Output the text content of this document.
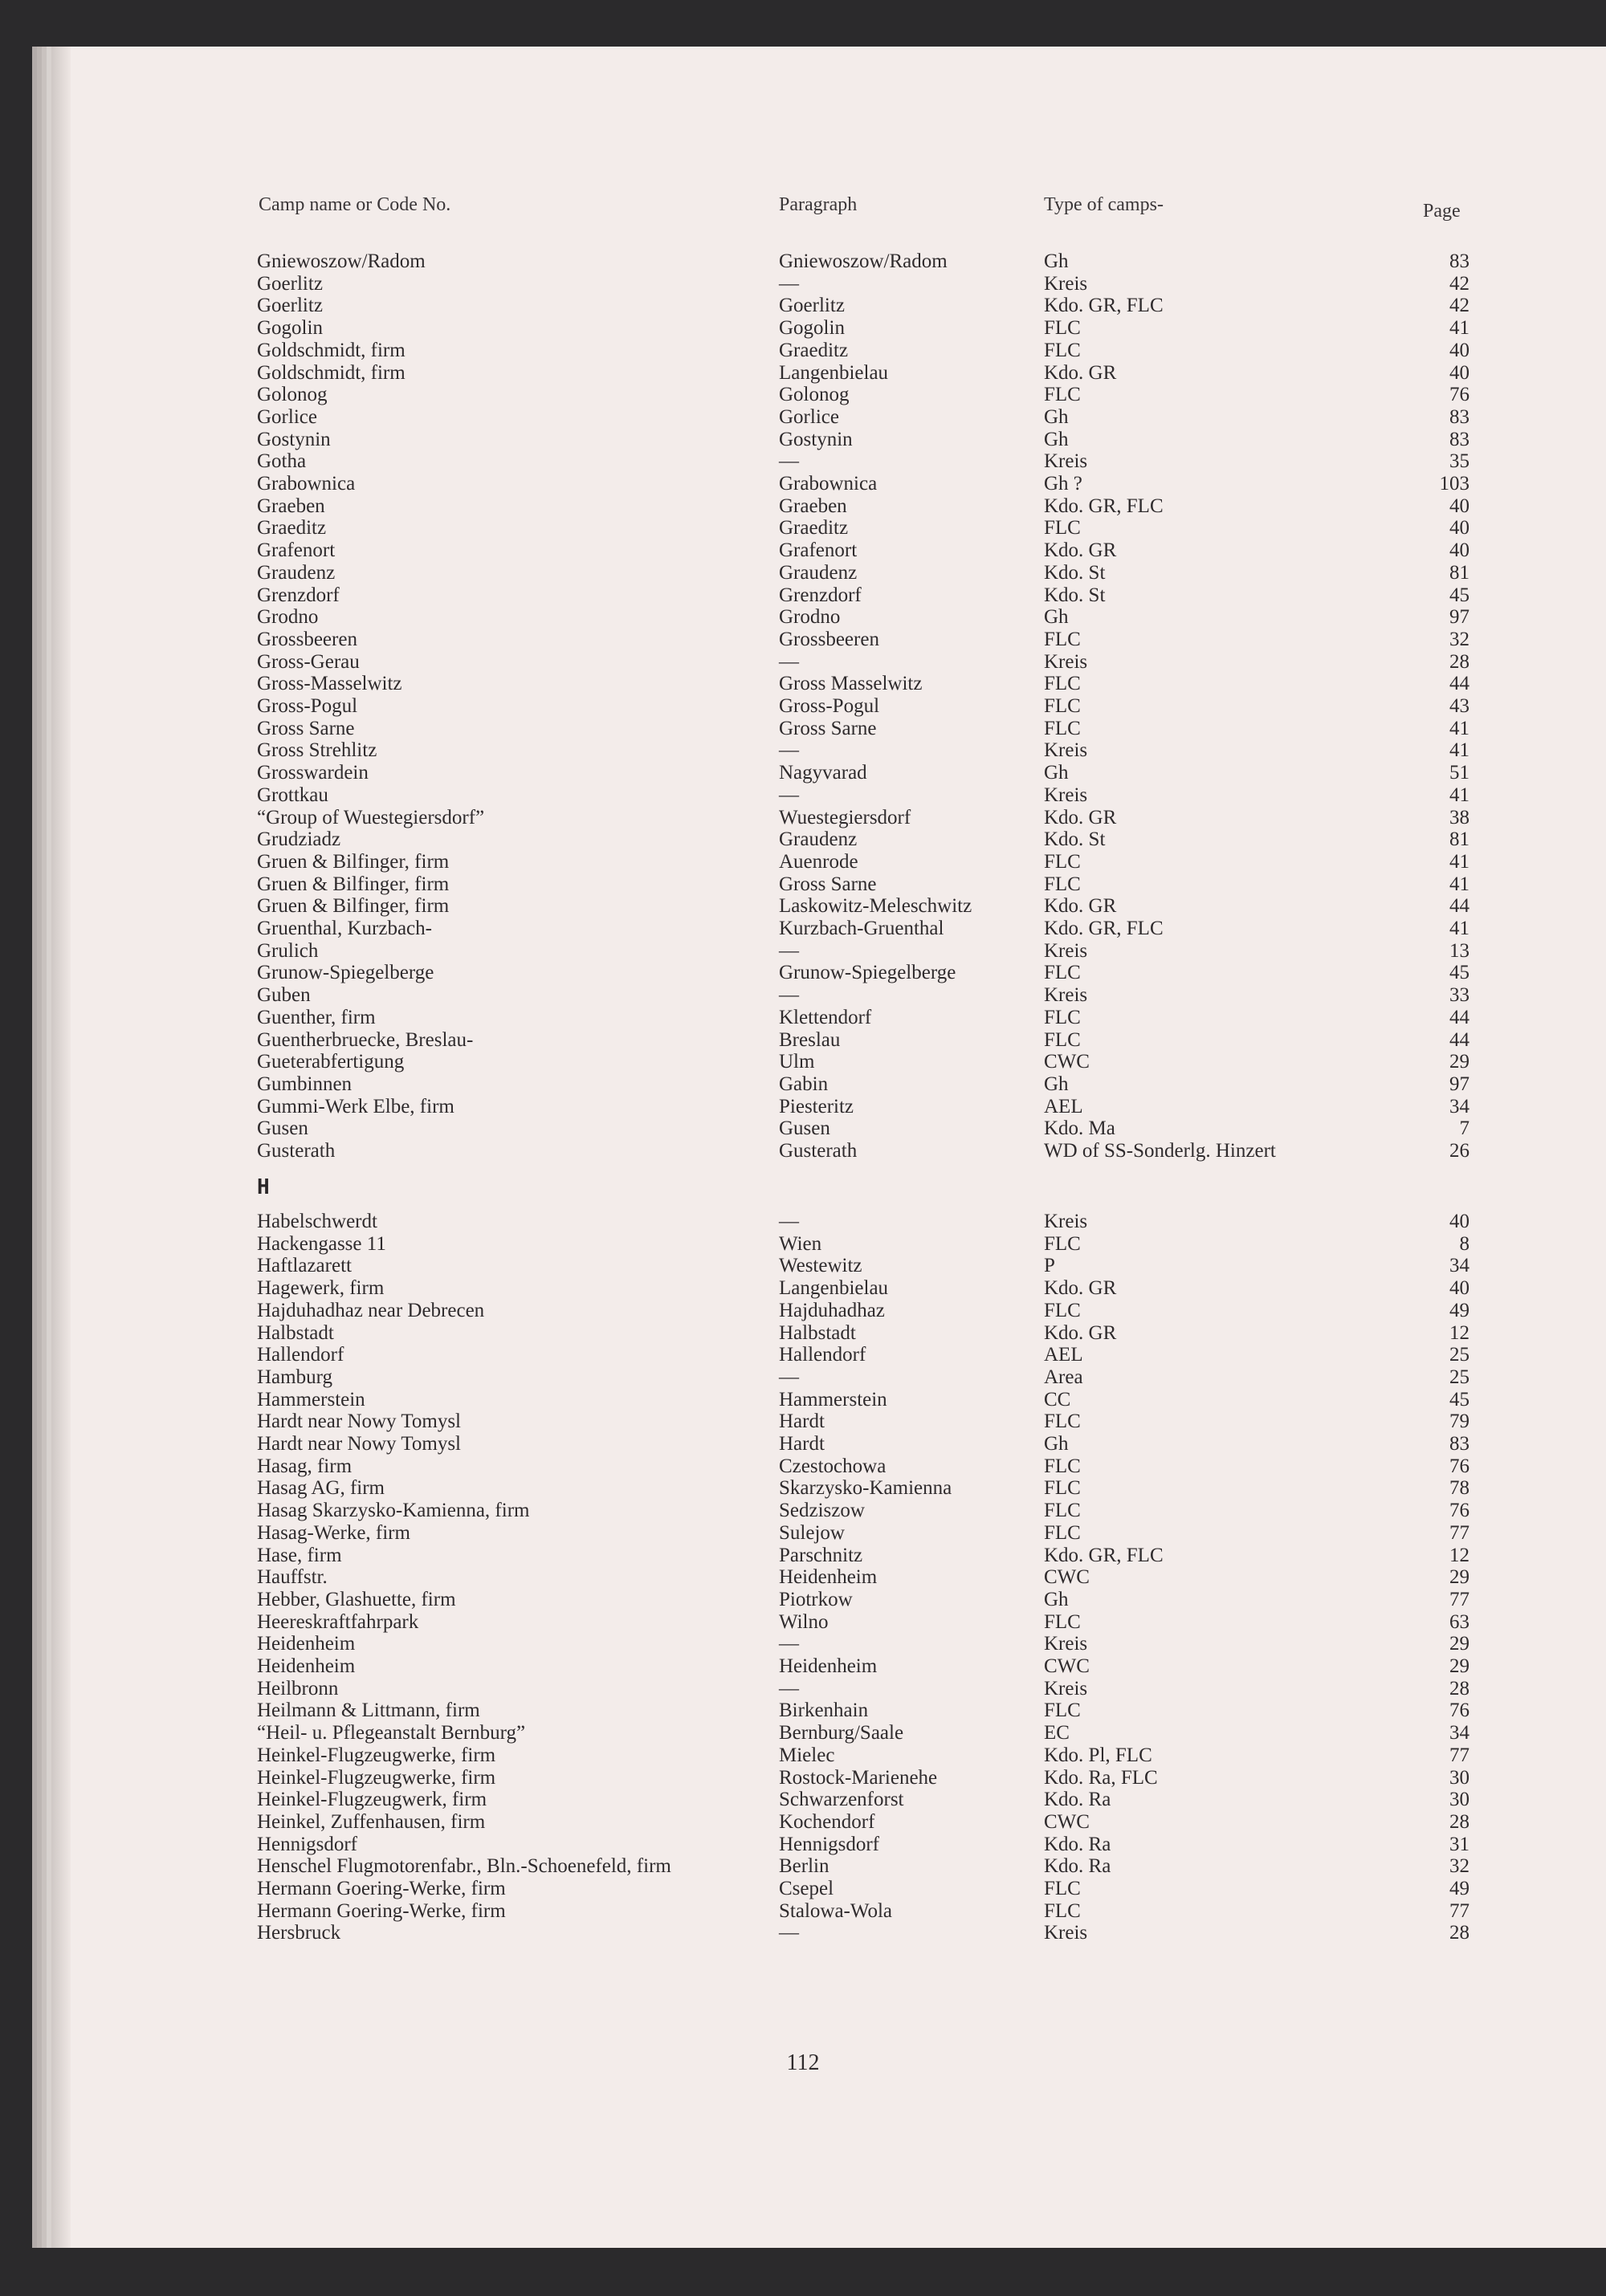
Camp name or Code No.	Paragraph	Type of camps-	Page
Gniewoszow/Radom	Gniewoszow/Radom	Gh	83
Goerlitz	—	Kreis	42
Goerlitz	Goerlitz	Kdo. GR, FLC	42
Gogolin	Gogolin	FLC	41
Goldschmidt, firm	Graeditz	FLC	40
Goldschmidt, firm	Langenbielau	Kdo. GR	40
Golonog	Golonog	FLC	76
Gorlice	Gorlice	Gh	83
Gostynin	Gostynin	Gh	83
Gotha	—	Kreis	35
Grabownica	Grabownica	Gh ?	103
Graeben	Graeben	Kdo. GR, FLC	40
Graeditz	Graeditz	FLC	40
Grafenort	Grafenort	Kdo. GR	40
Graudenz	Graudenz	Kdo. St	81
Grenzdorf	Grenzdorf	Kdo. St	45
Grodno	Grodno	Gh	97
Grossbeeren	Grossbeeren	FLC	32
Gross-Gerau	—	Kreis	28
Gross-Masselwitz	Gross Masselwitz	FLC	44
Gross-Pogul	Gross-Pogul	FLC	43
Gross Sarne	Gross Sarne	FLC	41
Gross Strehlitz	—	Kreis	41
Grosswardein	Nagyvarad	Gh	51
Grottkau	—	Kreis	41
“Group of Wuestegiersdorf”	Wuestegiersdorf	Kdo. GR	38
Grudziadz	Graudenz	Kdo. St	81
Gruen & Bilfinger, firm	Auenrode	FLC	41
Gruen & Bilfinger, firm	Gross Sarne	FLC	41
Gruen & Bilfinger, firm	Laskowitz-Meleschwitz	Kdo. GR	44
Gruenthal, Kurzbach-	Kurzbach-Gruenthal	Kdo. GR, FLC	41
Grulich	—	Kreis	13
Grunow-Spiegelberge	Grunow-Spiegelberge	FLC	45
Guben	—	Kreis	33
Guenther, firm	Klettendorf	FLC	44
Guentherbruecke, Breslau-	Breslau	FLC	44
Gueterabfertigung	Ulm	CWC	29
Gumbinnen	Gabin	Gh	97
Gummi-Werk Elbe, firm	Piesteritz	AEL	34
Gusen	Gusen	Kdo. Ma	7
Gusterath	Gusterath	WD of SS-Sonderlg. Hinzert	26
H
Habelschwerdt	—	Kreis	40
Hackengasse 11	Wien	FLC	8
Haftlazarett	Westewitz	P	34
Hagewerk, firm	Langenbielau	Kdo. GR	40
Hajduhadhaz near Debrecen	Hajduhadhaz	FLC	49
Halbstadt	Halbstadt	Kdo. GR	12
Hallendorf	Hallendorf	AEL	25
Hamburg	—	Area	25
Hammerstein	Hammerstein	CC	45
Hardt near Nowy Tomysl	Hardt	FLC	79
Hardt near Nowy Tomysl	Hardt	Gh	83
Hasag, firm	Czestochowa	FLC	76
Hasag AG, firm	Skarzysko-Kamienna	FLC	78
Hasag Skarzysko-Kamienna, firm	Sedziszow	FLC	76
Hasag-Werke, firm	Sulejow	FLC	77
Hase, firm	Parschnitz	Kdo. GR, FLC	12
Hauffstr.	Heidenheim	CWC	29
Hebber, Glashuette, firm	Piotrkow	Gh	77
Heereskraftfahrpark	Wilno	FLC	63
Heidenheim	—	Kreis	29
Heidenheim	Heidenheim	CWC	29
Heilbronn	—	Kreis	28
Heilmann & Littmann, firm	Birkenhain	FLC	76
“Heil- u. Pflegeanstalt Bernburg”	Bernburg/Saale	EC	34
Heinkel-Flugzeugwerke, firm	Mielec	Kdo. Pl, FLC	77
Heinkel-Flugzeugwerke, firm	Rostock-Marienehe	Kdo. Ra, FLC	30
Heinkel-Flugzeugwerk, firm	Schwarzenforst	Kdo. Ra	30
Heinkel, Zuffenhausen, firm	Kochendorf	CWC	28
Hennigsdorf	Hennigsdorf	Kdo. Ra	31
Henschel Flugmotorenfabr., Bln.-Schoenefeld, firm	Berlin	Kdo. Ra	32
Hermann Goering-Werke, firm	Csepel	FLC	49
Hermann Goering-Werke, firm	Stalowa-Wola	FLC	77
Hersbruck	—	Kreis	28
112
